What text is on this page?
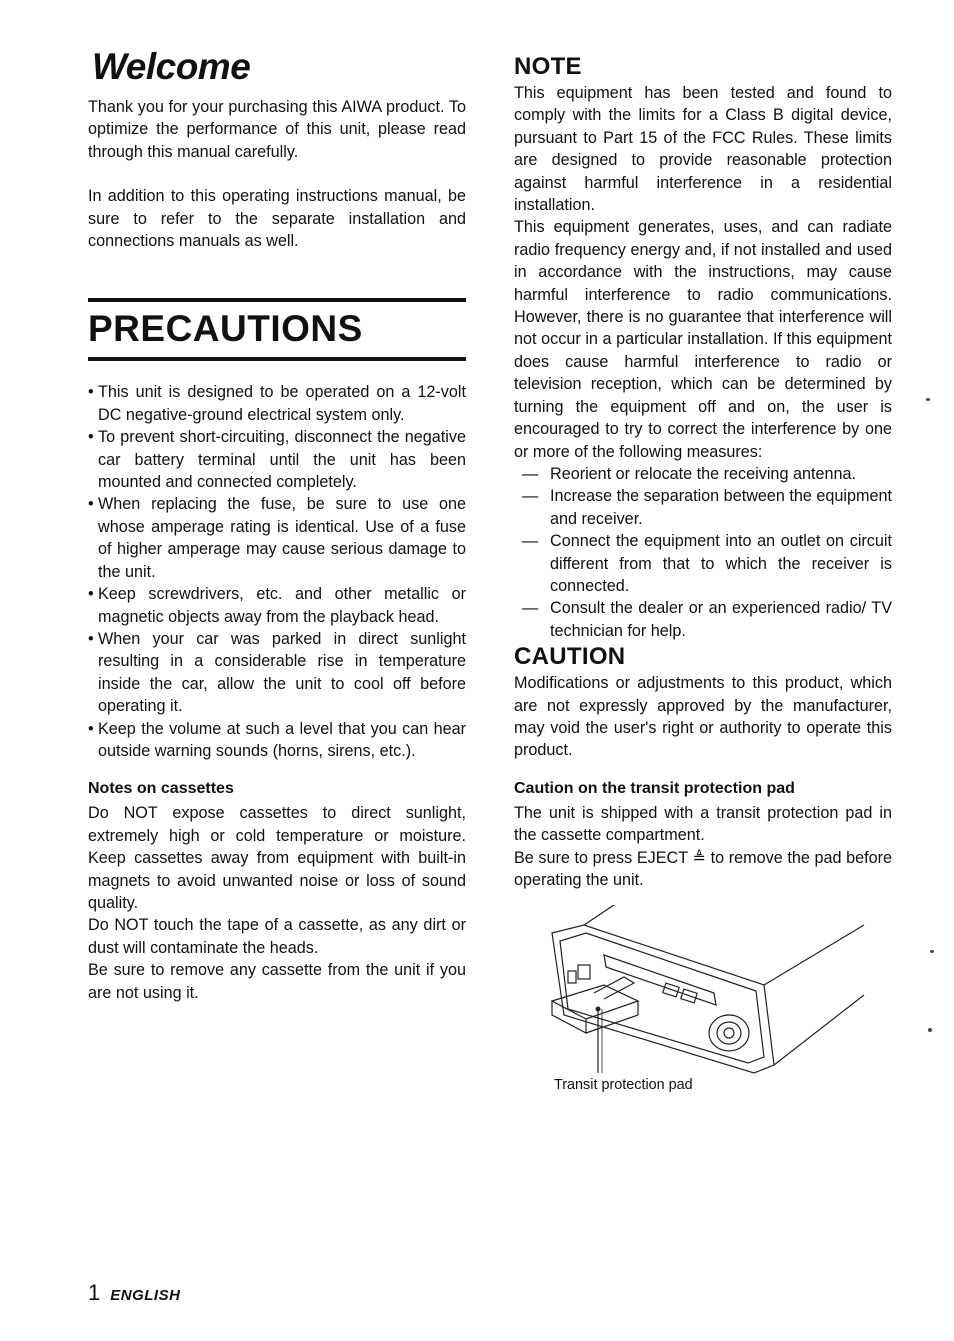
Welcome

Thank you for your purchasing this AIWA product. To optimize the performance of this unit, please read through this manual carefully.

In addition to this operating instructions manual, be sure to refer to the separate installation and connections manuals as well.

PRECAUTIONS
• This unit is designed to be operated on a 12-volt DC negative-ground electrical system only.
• To prevent short-circuiting, disconnect the negative car battery terminal until the unit has been mounted and connected completely.
• When replacing the fuse, be sure to use one whose amperage rating is identical. Use of a fuse of higher amperage may cause serious damage to the unit.
• Keep screwdrivers, etc. and other metallic or magnetic objects away from the playback head.
• When your car was parked in direct sunlight resulting in a considerable rise in temperature inside the car, allow the unit to cool off before operating it.
• Keep the volume at such a level that you can hear outside warning sounds (horns, sirens, etc.).
Notes on cassettes

Do NOT expose cassettes to direct sunlight, extremely high or cold temperature or moisture. Keep cassettes away from equipment with built-in magnets to avoid unwanted noise or loss of sound quality.

Do NOT touch the tape of a cassette, as any dirt or dust will contaminate the heads.

Be sure to remove any cassette from the unit if you are not using it.

NOTE

This equipment has been tested and found to comply with the limits for a Class B digital device, pursuant to Part 15 of the FCC Rules. These limits are designed to provide reasonable protection against harmful interference in a residential installation.

This equipment generates, uses, and can radiate radio frequency energy and, if not installed and used in accordance with the instructions, may cause harmful interference to radio communications. However, there is no guarantee that interference will not occur in a particular installation. If this equipment does cause harmful interference to radio or television reception, which can be determined by turning the equipment off and on, the user is encouraged to try to correct the interference by one or more of the following measures:

— Reorient or relocate the receiving antenna.
— Increase the separation between the equipment and receiver.
— Connect the equipment into an outlet on circuit different from that to which the receiver is connected.
— Consult the dealer or an experienced radio/ TV technician for help.
CAUTION

Modifications or adjustments to this product, which are not expressly approved by the manufacturer, may void the user's right or authority to operate this product.

Caution on the transit protection pad

The unit is shipped with a transit protection pad in the cassette compartment.

Be sure to press EJECT ≜ to remove the pad before operating the unit.

Transit protection pad
1 ENGLISH
